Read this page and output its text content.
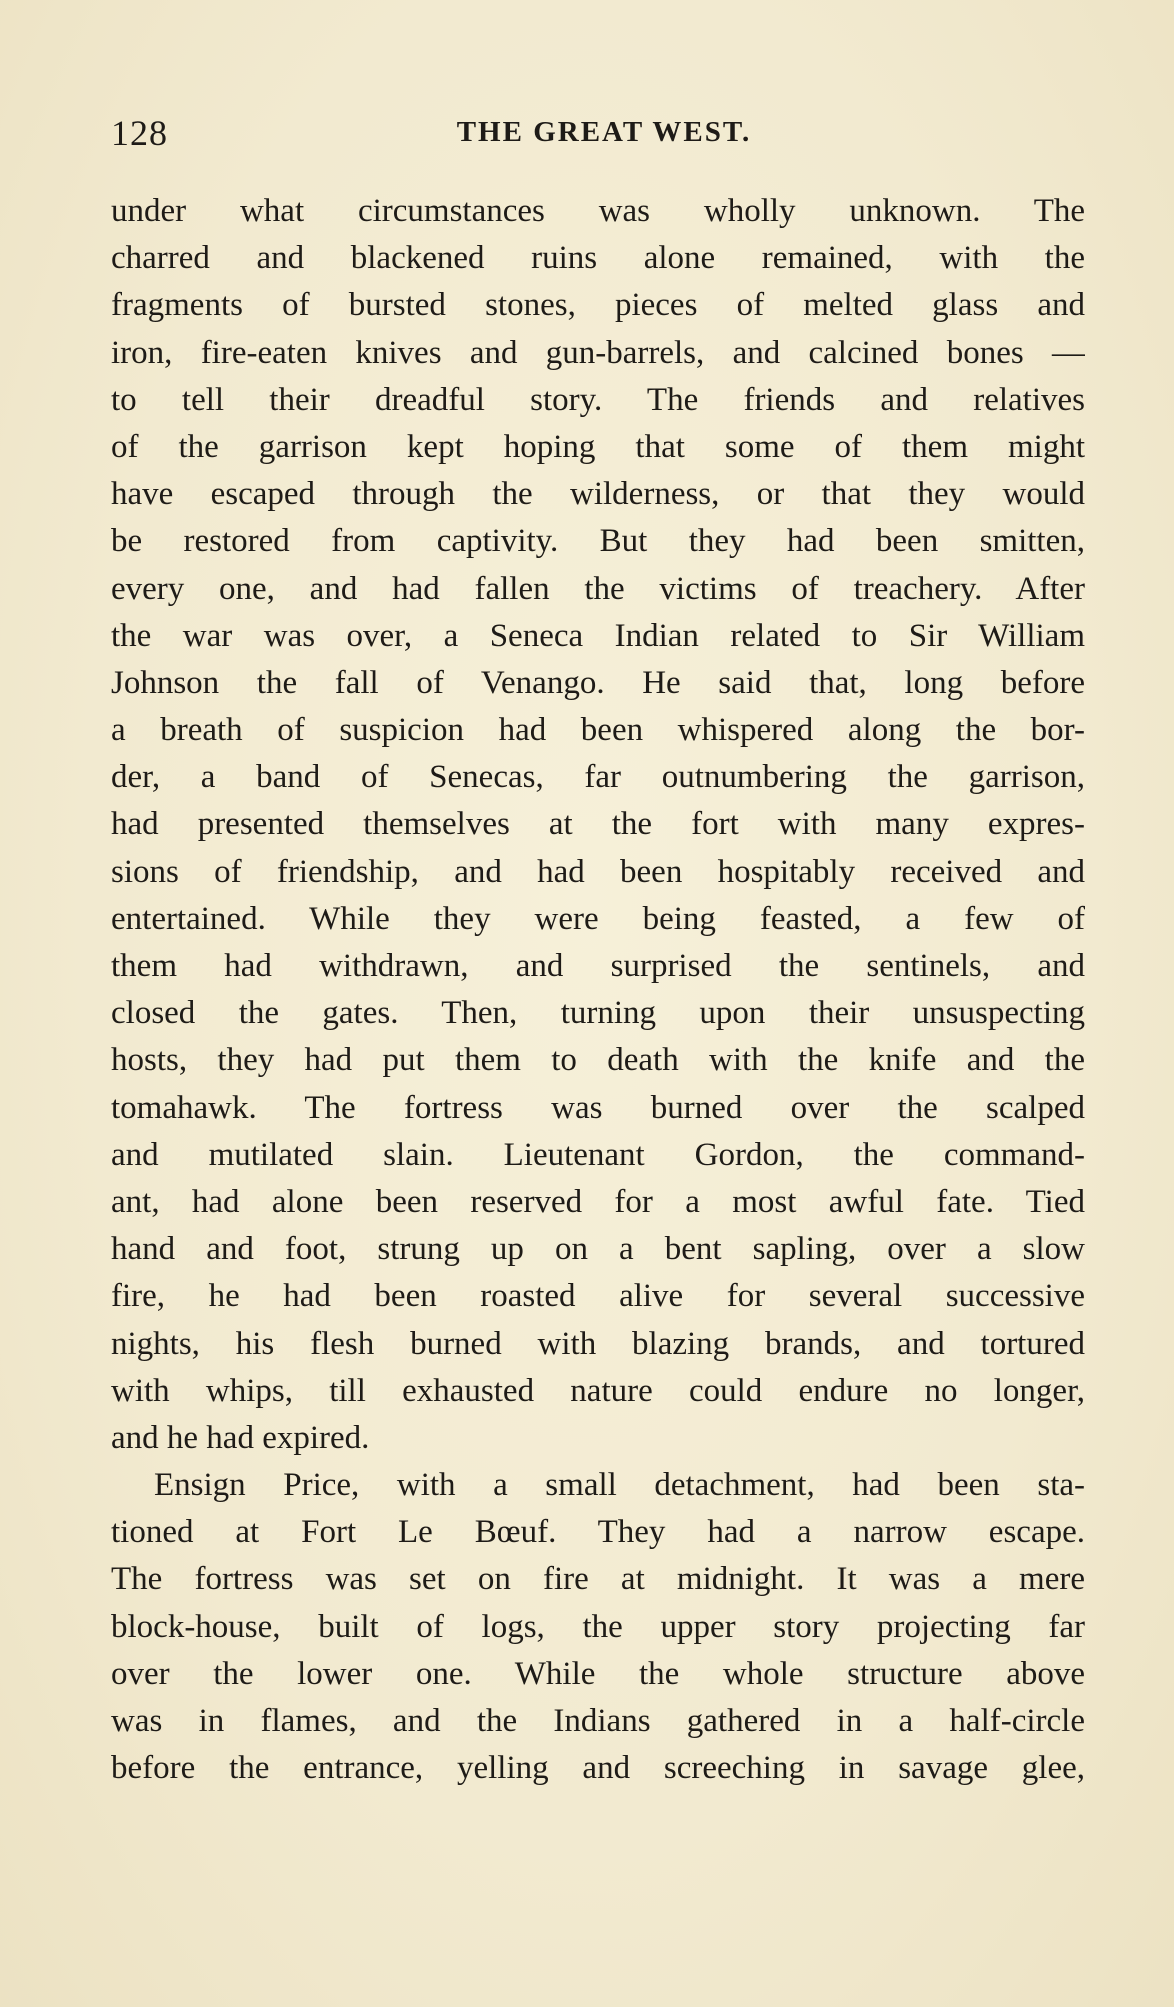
128	THE GREAT WEST.
under what circumstances was wholly unknown. The
charred and blackened ruins alone remained, with the
fragments of bursted stones, pieces of melted glass and
iron, fire-eaten knives and gun-barrels, and calcined bones —
to tell their dreadful story. The friends and relatives
of the garrison kept hoping that some of them might
have escaped through the wilderness, or that they would
be restored from captivity. But they had been smitten,
every one, and had fallen the victims of treachery. After
the war was over, a Seneca Indian related to Sir William
Johnson the fall of Venango. He said that, long before
a breath of suspicion had been whispered along the bor-
der, a band of Senecas, far outnumbering the garrison,
had presented themselves at the fort with many expres-
sions of friendship, and had been hospitably received and
entertained. While they were being feasted, a few of
them had withdrawn, and surprised the sentinels, and
closed the gates. Then, turning upon their unsuspecting
hosts, they had put them to death with the knife and the
tomahawk. The fortress was burned over the scalped
and mutilated slain. Lieutenant Gordon, the command-
ant, had alone been reserved for a most awful fate. Tied
hand and foot, strung up on a bent sapling, over a slow
fire, he had been roasted alive for several successive
nights, his flesh burned with blazing brands, and tortured
with whips, till exhausted nature could endure no longer,
and he had expired.
Ensign Price, with a small detachment, had been sta-
tioned at Fort Le Bœuf. They had a narrow escape.
The fortress was set on fire at midnight. It was a mere
block-house, built of logs, the upper story projecting far
over the lower one. While the whole structure above
was in flames, and the Indians gathered in a half-circle
before the entrance, yelling and screeching in savage glee,
